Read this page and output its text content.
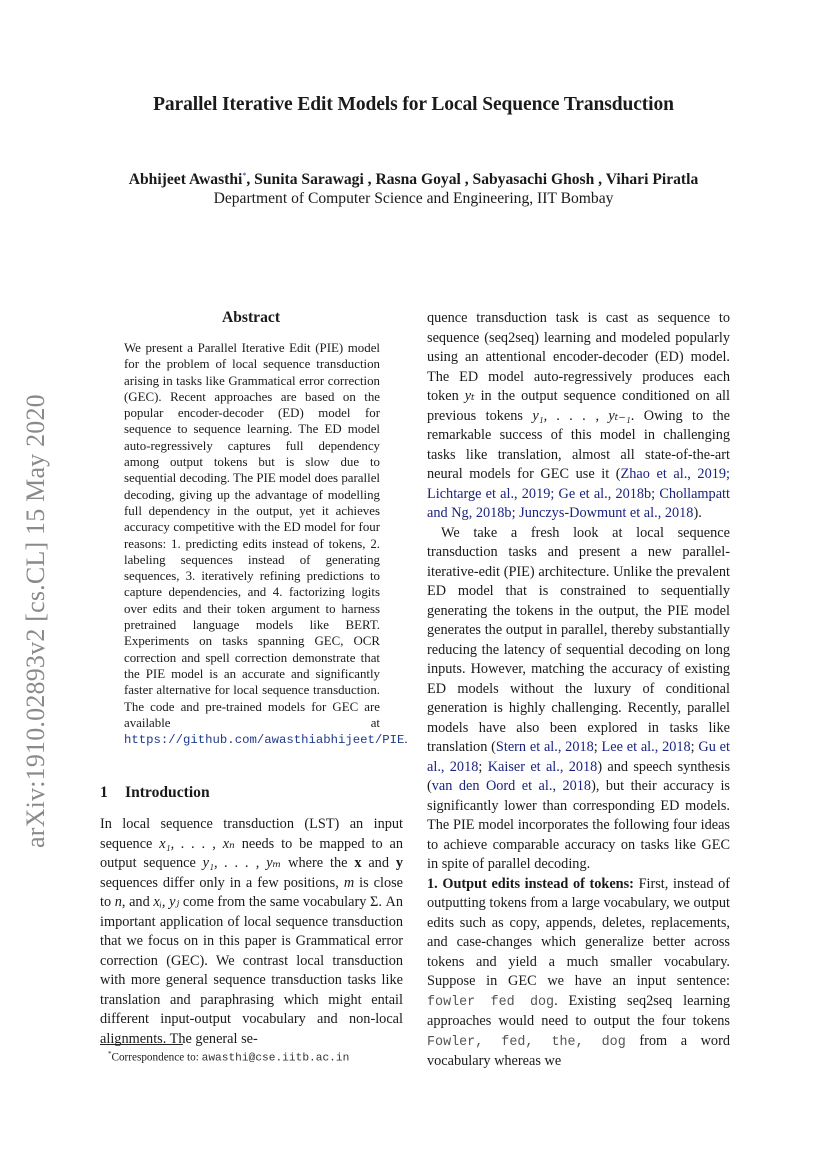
Parallel Iterative Edit Models for Local Sequence Transduction
Abhijeet Awasthi*, Sunita Sarawagi , Rasna Goyal , Sabyasachi Ghosh , Vihari Piratla
Department of Computer Science and Engineering, IIT Bombay
arXiv:1910.02893v2 [cs.CL] 15 May 2020
Abstract

We present a Parallel Iterative Edit (PIE) model for the problem of local sequence transduction arising in tasks like Grammatical error correction (GEC). Recent approaches are based on the popular encoder-decoder (ED) model for sequence to sequence learning. The ED model auto-regressively captures full dependency among output tokens but is slow due to sequential decoding. The PIE model does parallel decoding, giving up the advantage of modelling full dependency in the output, yet it achieves accuracy competitive with the ED model for four reasons: 1. predicting edits instead of tokens, 2. labeling sequences instead of generating sequences, 3. iteratively refining predictions to capture dependencies, and 4. factorizing logits over edits and their token argument to harness pretrained language models like BERT. Experiments on tasks spanning GEC, OCR correction and spell correction demonstrate that the PIE model is an accurate and significantly faster alternative for local sequence transduction. The code and pre-trained models for GEC are available at https://github.com/awasthiabhijeet/PIE.

1 Introduction

In local sequence transduction (LST) an input sequence x₁, . . . , xₙ needs to be mapped to an output sequence y₁, . . . , yₘ where the x and y sequences differ only in a few positions, m is close to n, and xᵢ, yⱼ come from the same vocabulary Σ. An important application of local sequence transduction that we focus on in this paper is Grammatical error correction (GEC). We contrast local transduction with more general sequence transduction tasks like translation and paraphrasing which might entail different input-output vocabulary and non-local alignments. The general se-

quence transduction task is cast as sequence to sequence (seq2seq) learning and modeled popularly using an attentional encoder-decoder (ED) model. The ED model auto-regressively produces each token yₜ in the output sequence conditioned on all previous tokens y₁, . . . , yₜ₋₁. Owing to the remarkable success of this model in challenging tasks like translation, almost all state-of-the-art neural models for GEC use it (Zhao et al., 2019; Lichtarge et al., 2019; Ge et al., 2018b; Chollampatt and Ng, 2018b; Junczys-Dowmunt et al., 2018).

We take a fresh look at local sequence transduction tasks and present a new parallel-iterative-edit (PIE) architecture. Unlike the prevalent ED model that is constrained to sequentially generating the tokens in the output, the PIE model generates the output in parallel, thereby substantially reducing the latency of sequential decoding on long inputs. However, matching the accuracy of existing ED models without the luxury of conditional generation is highly challenging. Recently, parallel models have also been explored in tasks like translation (Stern et al., 2018; Lee et al., 2018; Gu et al., 2018; Kaiser et al., 2018) and speech synthesis (van den Oord et al., 2018), but their accuracy is significantly lower than corresponding ED models. The PIE model incorporates the following four ideas to achieve comparable accuracy on tasks like GEC in spite of parallel decoding.

1. Output edits instead of tokens: First, instead of outputting tokens from a large vocabulary, we output edits such as copy, appends, deletes, replacements, and case-changes which generalize better across tokens and yield a much smaller vocabulary. Suppose in GEC we have an input sentence: fowler fed dog. Existing seq2seq learning approaches would need to output the four tokens Fowler, fed, the, dog from a word vocabulary whereas we

*Correspondence to: awasthi@cse.iitb.ac.in
